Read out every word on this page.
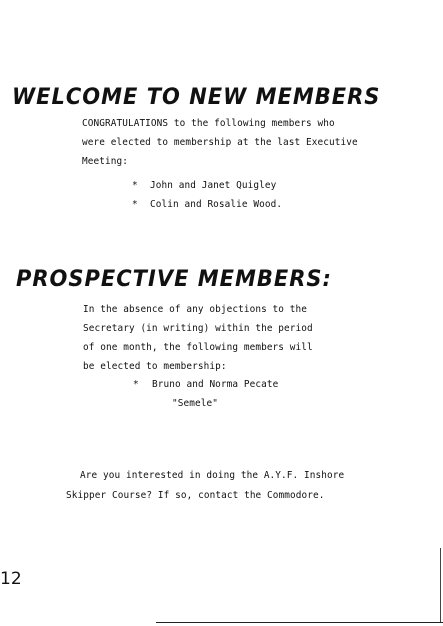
WELCOME TO NEW MEMBERS
CONGRATULATIONS to the following members who
were elected to membership at the last Executive
Meeting:
* John and Janet Quigley
* Colin and Rosalie Wood.
PROSPECTIVE MEMBERS:
In the absence of any objections to the
Secretary (in writing) within the period
of one month, the following members will
be elected to membership:
* Bruno and Norma Pecate
"Semele"
Are you interested in doing the A.Y.F. Inshore
Skipper Course? If so, contact the Commodore.
12
